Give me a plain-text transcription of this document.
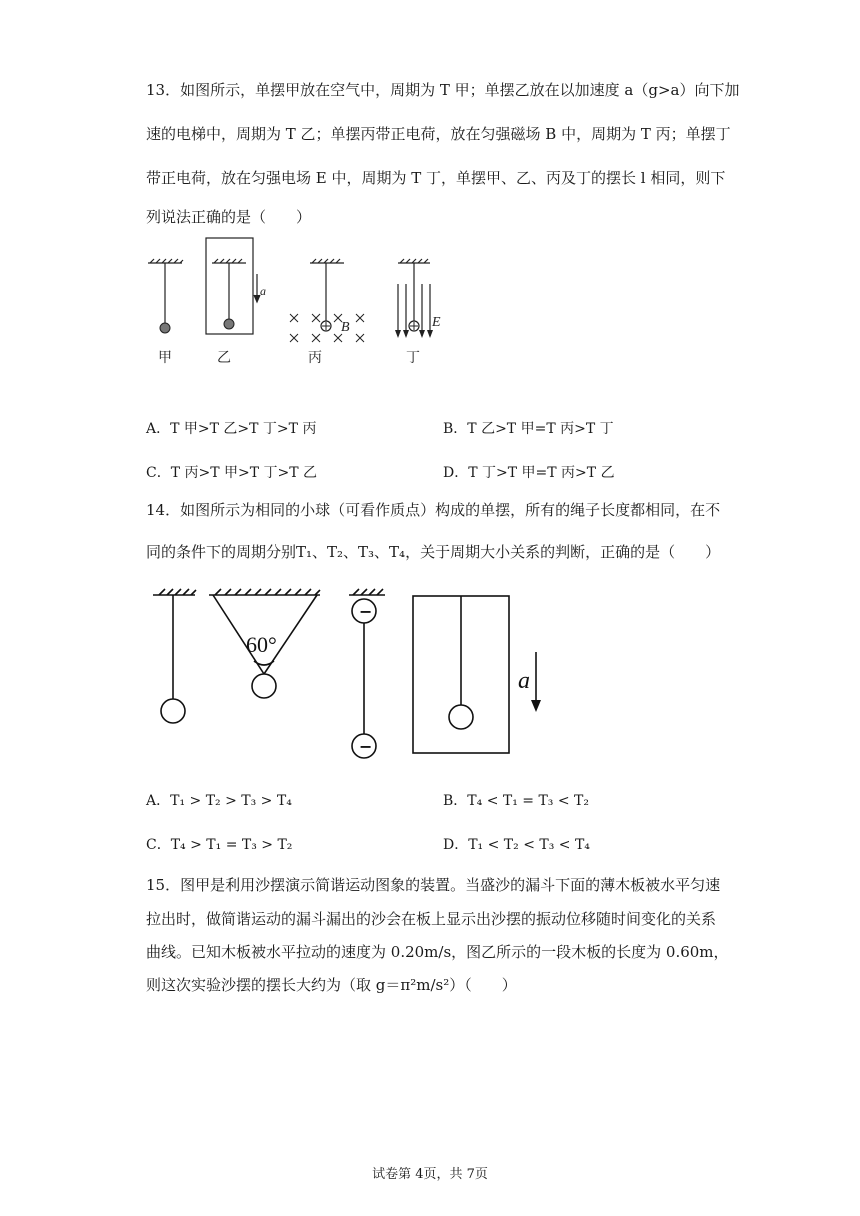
13．如图所示，单摆甲放在空气中，周期为 T 甲；单摆乙放在以加速度 a（g>a）向下加
速的电梯中，周期为 T 乙；单摆丙带正电荷，放在匀强磁场 B 中，周期为 T 丙；单摆丁
带正电荷，放在匀强电场 E 中，周期为 T 丁，单摆甲、乙、丙及丁的摆长 l 相同，则下
列说法正确的是（　　）
a
B	E
甲	乙	丙	丁
A．T 甲>T 乙>T 丁>T 丙	B．T 乙>T 甲=T 丙>T 丁
C．T 丙>T 甲>T 丁>T 乙	D．T 丁>T 甲=T 丙>T 乙
14．如图所示为相同的小球（可看作质点）构成的单摆，所有的绳子长度都相同，在不
同的条件下的周期分别T₁、T₂、T₃、T₄，关于周期大小关系的判断，正确的是（　　）
−
−
60°
a
A．T₁ > T₂ > T₃ > T₄	B．T₄ < T₁ = T₃ < T₂
C．T₄ > T₁ = T₃ > T₂	D．T₁ < T₂ < T₃ < T₄
15．图甲是利用沙摆演示简谐运动图象的装置。当盛沙的漏斗下面的薄木板被水平匀速
拉出时，做简谐运动的漏斗漏出的沙会在板上显示出沙摆的振动位移随时间变化的关系
曲线。已知木板被水平拉动的速度为 0.20m/s，图乙所示的一段木板的长度为 0.60m，
则这次实验沙摆的摆长大约为（取 g＝π²m/s²）（　　）
试卷第 4页，共 7页
